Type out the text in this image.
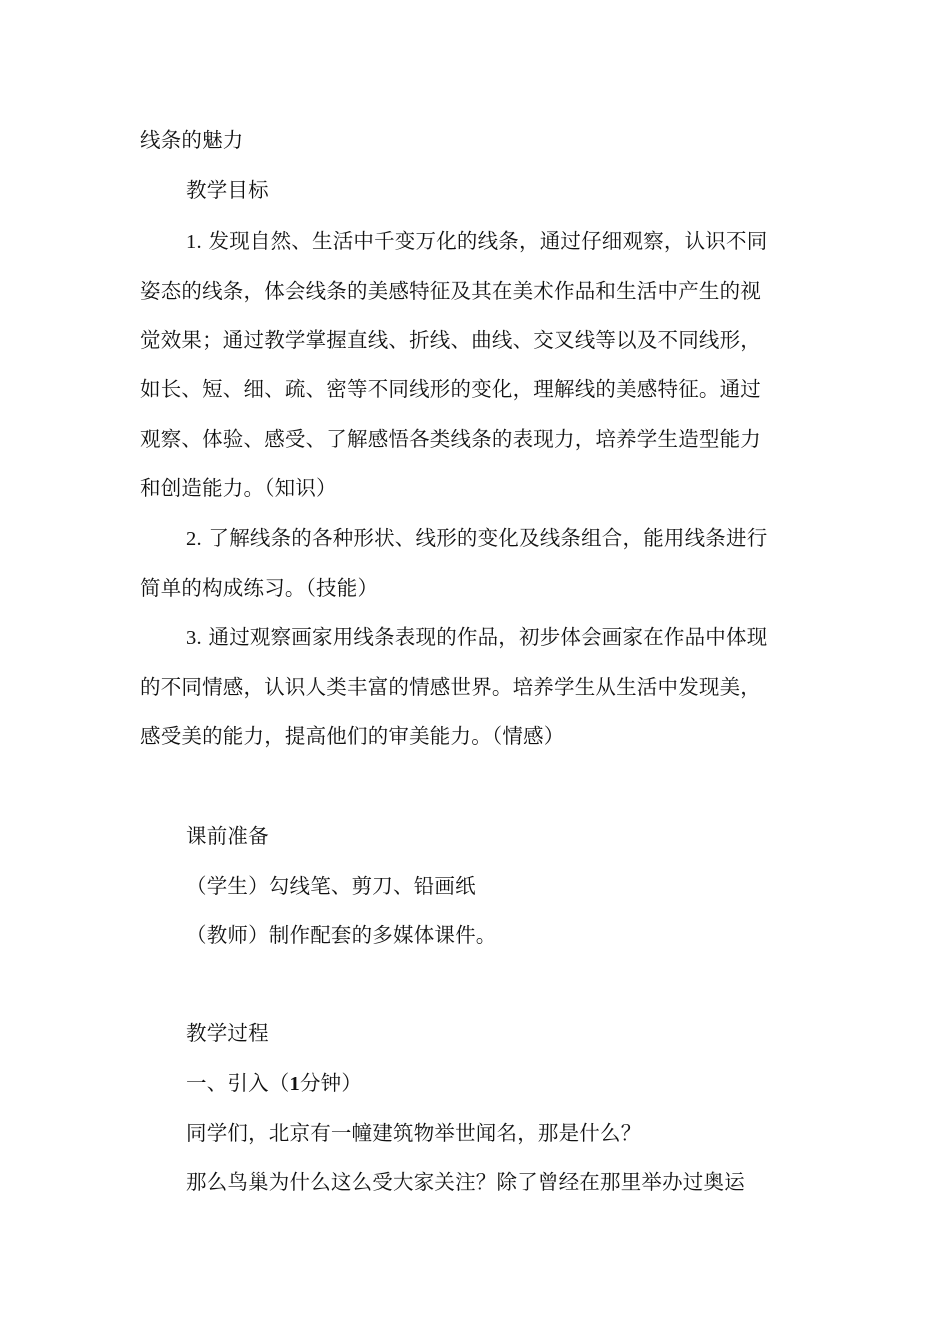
线条的魅力
教学目标
1. 发现自然、生活中千变万化的线条，通过仔细观察，认识不同
姿态的线条，体会线条的美感特征及其在美术作品和生活中产生的视
觉效果；通过教学掌握直线、折线、曲线、交叉线等以及不同线形，
如长、短、细、疏、密等不同线形的变化，理解线的美感特征。通过
观察、体验、感受、了解感悟各类线条的表现力，培养学生造型能力
和创造能力。（知识）
2. 了解线条的各种形状、线形的变化及线条组合，能用线条进行
简单的构成练习。（技能）
3. 通过观察画家用线条表现的作品，初步体会画家在作品中体现
的不同情感，认识人类丰富的情感世界。培养学生从生活中发现美，
感受美的能力，提高他们的审美能力。（情感）
课前准备
（学生）勾线笔、剪刀、铅画纸
（教师）制作配套的多媒体课件。
教学过程
一、引入（1分钟）
同学们，北京有一幢建筑物举世闻名，那是什么？
那么鸟巢为什么这么受大家关注？除了曾经在那里举办过奥运
